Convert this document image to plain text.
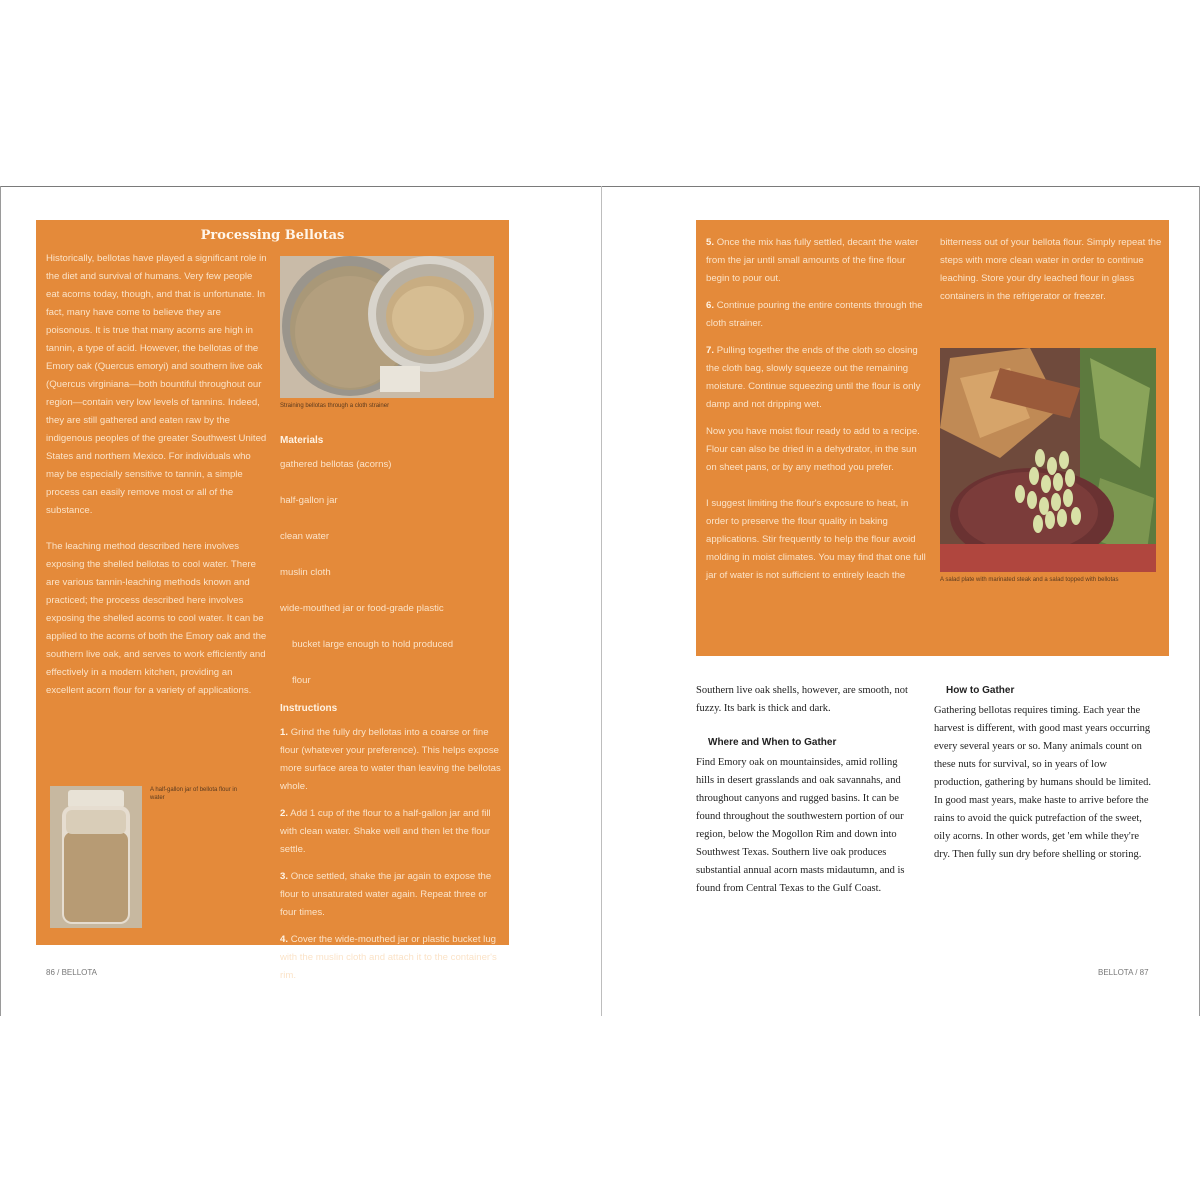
Processing Bellotas

Historically, bellotas have played a significant role in the diet and survival of humans. Very few people eat acorns today, though, and that is unfortunate. In fact, many have come to believe they are poisonous. It is true that many acorns are high in tannin, a type of acid. However, the bellotas of the Emory oak (Quercus emoryi) and southern live oak (Quercus virginiana—both bountiful throughout our region—contain very low levels of tannins. Indeed, they are still gathered and eaten raw by the indigenous peoples of the greater Southwest United States and northern Mexico. For individuals who may be especially sensitive to tannin, a simple process can easily remove most or all of the substance.

The leaching method described here involves exposing the shelled bellotas to cool water. There are various tannin-leaching methods known and practiced; the process described here involves exposing the shelled acorns to cool water. It can be applied to the acorns of both the Emory oak and the southern live oak, and serves to work efficiently and effectively in a modern kitchen, providing an excellent acorn flour for a variety of applications.

Straining bellotas through a cloth strainer
Materials

gathered bellotas (acorns)

half-gallon jar

clean water

muslin cloth

wide-mouthed jar or food-grade plastic

bucket large enough to hold produced

flour

Instructions

1. Grind the fully dry bellotas into a coarse or fine flour (whatever your preference). This helps expose more surface area to water than leaving the bellotas whole.

2. Add 1 cup of the flour to a half-gallon jar and fill with clean water. Shake well and then let the flour settle.

3. Once settled, shake the jar again to expose the flour to unsaturated water again. Repeat three or four times.

4. Cover the wide-mouthed jar or plastic bucket lug with the muslin cloth and attach it to the container's rim.

A half-gallon jar of bellota flour in water
86 / BELLOTA

5. Once the mix has fully settled, decant the water from the jar until small amounts of the fine flour begin to pour out.

6. Continue pouring the entire contents through the cloth strainer.

7. Pulling together the ends of the cloth so closing the cloth bag, slowly squeeze out the remaining moisture. Continue squeezing until the flour is only damp and not dripping wet.

Now you have moist flour ready to add to a recipe. Flour can also be dried in a dehydrator, in the sun on sheet pans, or by any method you prefer.

I suggest limiting the flour's exposure to heat, in order to preserve the flour quality in baking applications. Stir frequently to help the flour avoid molding in moist climates. You may find that one full jar of water is not sufficient to entirely leach the

bitterness out of your bellota flour. Simply repeat the steps with more clean water in order to continue leaching. Store your dry leached flour in glass containers in the refrigerator or freezer.

A salad plate with marinated steak and a salad topped with bellotas

Southern live oak shells, however, are smooth, not fuzzy. Its bark is thick and dark.

Where and When to Gather

Find Emory oak on mountainsides, amid rolling hills in desert grasslands and oak savannahs, and throughout canyons and rugged basins. It can be found throughout the southwestern portion of our region, below the Mogollon Rim and down into Southwest Texas. Southern live oak produces substantial annual acorn masts midautumn, and is found from Central Texas to the Gulf Coast.

How to Gather

Gathering bellotas requires timing. Each year the harvest is different, with good mast years occurring every several years or so. Many animals count on these nuts for survival, so in years of low production, gathering by humans should be limited. In good mast years, make haste to arrive before the rains to avoid the quick putrefaction of the sweet, oily acorns. In other words, get 'em while they're dry. Then fully sun dry before shelling or storing.

BELLOTA / 87
